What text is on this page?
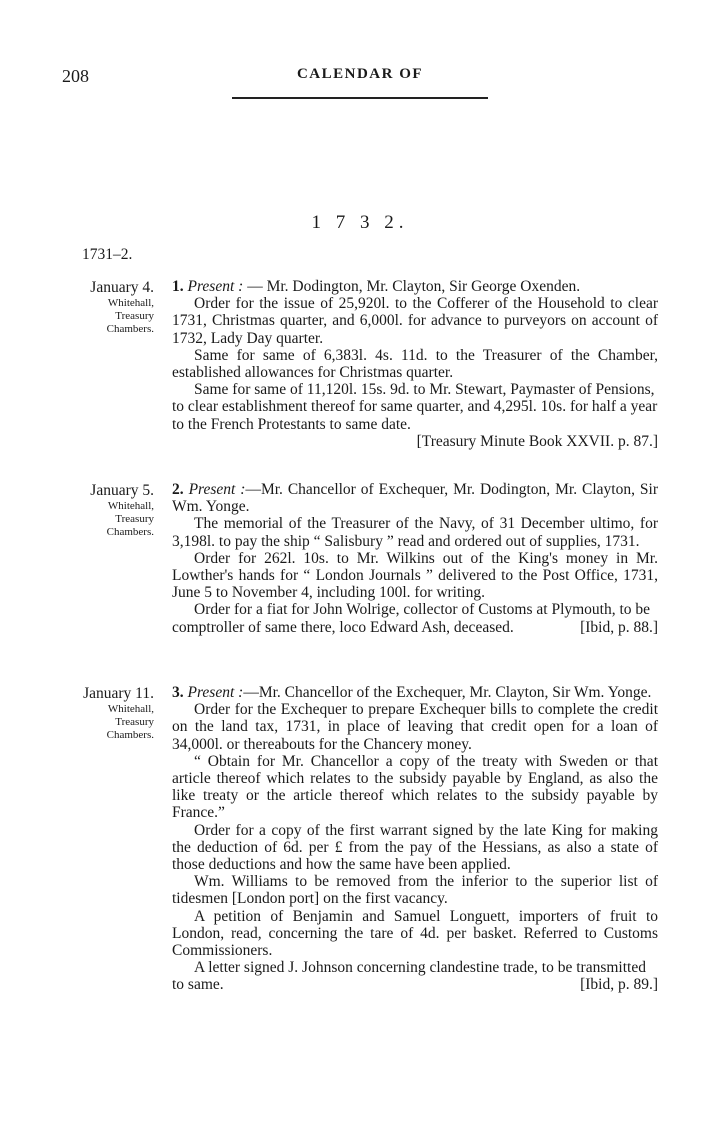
208	CALENDAR OF
1 7 3 2.
1731–2.
January 4.
Whitehall,
Treasury
Chambers.

1. Present : — Mr. Dodington, Mr. Clayton, Sir George Oxenden.

Order for the issue of 25,920l. to the Cofferer of the Household to clear 1731, Christmas quarter, and 6,000l. for advance to purveyors on account of 1732, Lady Day quarter.

Same for same of 6,383l. 4s. 11d. to the Treasurer of the Chamber, established allowances for Christmas quarter.

Same for same of 11,120l. 15s. 9d. to Mr. Stewart, Paymaster of Pensions, to clear establishment thereof for same quarter, and 4,295l. 10s. for half a year to the French Protestants to same date.
[Treasury Minute Book XXVII. p. 87.]

January 5.
Whitehall,
Treasury
Chambers.

2. Present :—Mr. Chancellor of Exchequer, Mr. Dodington, Mr. Clayton, Sir Wm. Yonge.

The memorial of the Treasurer of the Navy, of 31 December ultimo, for 3,198l. to pay the ship “ Salisbury ” read and ordered out of supplies, 1731.

Order for 262l. 10s. to Mr. Wilkins out of the King's money in Mr. Lowther's hands for “ London Journals ” delivered to the Post Office, 1731, June 5 to November 4, including 100l. for writing.

Order for a fiat for John Wolrige, collector of Customs at Plymouth, to be comptroller of same there, loco Edward Ash, deceased.	[Ibid, p. 88.]

January 11.
Whitehall,
Treasury
Chambers.

3. Present :—Mr. Chancellor of the Exchequer, Mr. Clayton, Sir Wm. Yonge.

Order for the Exchequer to prepare Exchequer bills to complete the credit on the land tax, 1731, in place of leaving that credit open for a loan of 34,000l. or thereabouts for the Chancery money.

“ Obtain for Mr. Chancellor a copy of the treaty with Sweden or that article thereof which relates to the subsidy payable by England, as also the like treaty or the article thereof which relates to the subsidy payable by France.”

Order for a copy of the first warrant signed by the late King for making the deduction of 6d. per £ from the pay of the Hessians, as also a state of those deductions and how the same have been applied.

Wm. Williams to be removed from the inferior to the superior list of tidesmen [London port] on the first vacancy.

A petition of Benjamin and Samuel Longuett, importers of fruit to London, read, concerning the tare of 4d. per basket. Referred to Customs Commissioners.

A letter signed J. Johnson concerning clandestine trade, to be transmitted to same.	[Ibid, p. 89.]
